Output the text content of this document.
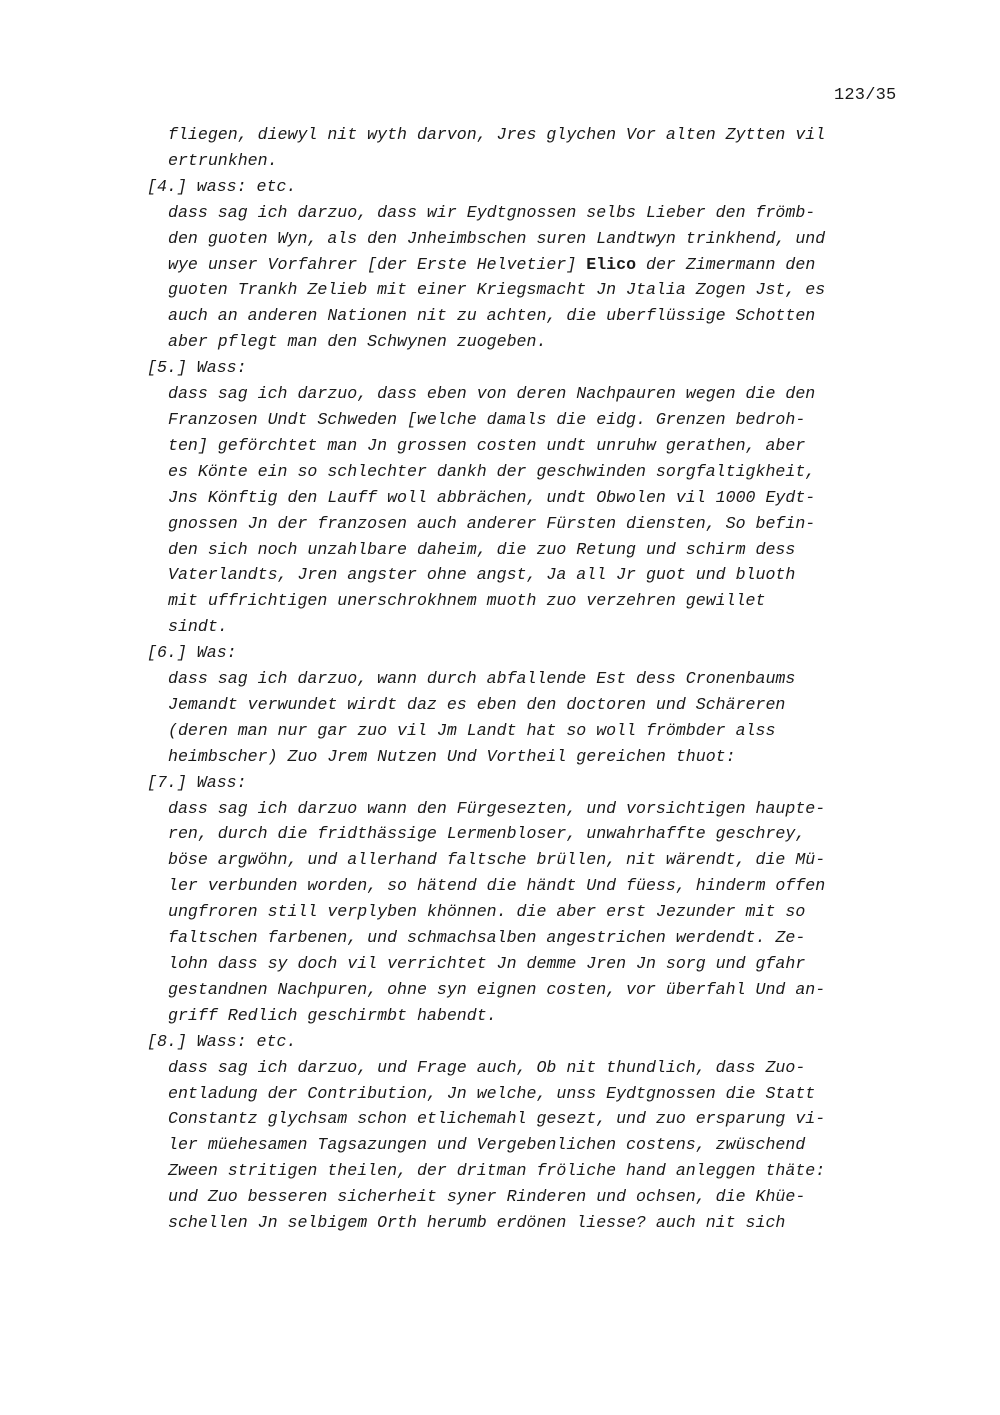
123/35
fliegen, diewyl nit wyth darvon, Jres glychen Vor alten Zytten vil
ertrunkhen.
[4.] wass: etc.
dass sag ich darzuo, dass wir Eydtgnossen selbs Lieber den frömb-
den guoten Wyn, als den Jnheimbschen suren Landtwyn trinkhend, und
wye unser Vorfahrer [der Erste Helvetier] Elico der Zimermann den
guoten Trankh Zelieb mit einer Kriegsmacht Jn Jtalia Zogen Jst, es
auch an anderen Nationen nit zu achten, die uberflüssige Schotten
aber pflegt man den Schwynen zuogeben.
[5.] Wass:
dass sag ich darzuo, dass eben von deren Nachpauren wegen die den
Franzosen Undt Schweden [welche damals die eidg. Grenzen bedroh-
ten] geförchtet man Jn grossen costen undt unruhw gerathen, aber
es Könte ein so schlechter dankh der geschwinden sorgfaltigkheit,
Jns Könftig den Lauff woll abbrächen, undt Obwolen vil 1000 Eydt-
gnossen Jn der franzosen auch anderer Fürsten diensten, So befin-
den sich noch unzahlbare daheim, die zuo Retung und schirm dess
Vaterlandts, Jren angster ohne angst, Ja all Jr guot und bluoth
mit uffrichtigen unerschrokhnem muoth zuo verzehren gewillet
sindt.
[6.] Was:
dass sag ich darzuo, wann durch abfallende Est dess Cronenbaums
Jemandt verwundet wirdt daz es eben den doctoren und Schäreren
(deren man nur gar zuo vil Jm Landt hat so woll frömbder alss
heimbscher) Zuo Jrem Nutzen Und Vortheil gereichen thuot:
[7.] Wass:
dass sag ich darzuo wann den Fürgesezten, und vorsichtigen haupte-
ren, durch die fridthässige Lermenbloser, unwahrhaffte geschrey,
böse argwöhn, und allerhand faltsche brüllen, nit wärendt, die Mü-
ler verbunden worden, so hätend die händt Und füess, hinderm offen
ungfroren still verplyben khönnen. die aber erst Jezunder mit so
faltschen farbenen, und schmachsalben angestrichen werdendt. Ze-
lohn dass sy doch vil verrichtet Jn demme Jren Jn sorg und gfahr
gestandnen Nachpuren, ohne syn eignen costen, vor überfahl Und an-
griff Redlich geschirmbt habendt.
[8.] Wass: etc.
dass sag ich darzuo, und Frage auch, Ob nit thundlich, dass Zuo-
entladung der Contribution, Jn welche, unss Eydtgnossen die Statt
Constantz glychsam schon etlichemahl gesezt, und zuo ersparung vi-
ler müehesamen Tagsazungen und Vergebenlichen costens, zwüschend
Zween stritigen theilen, der dritman fröliche hand anleggen thäte:
und Zuo besseren sicherheit syner Rinderen und ochsen, die Khüe-
schellen Jn selbigem Orth herumb erdönen liesse? auch nit sich
